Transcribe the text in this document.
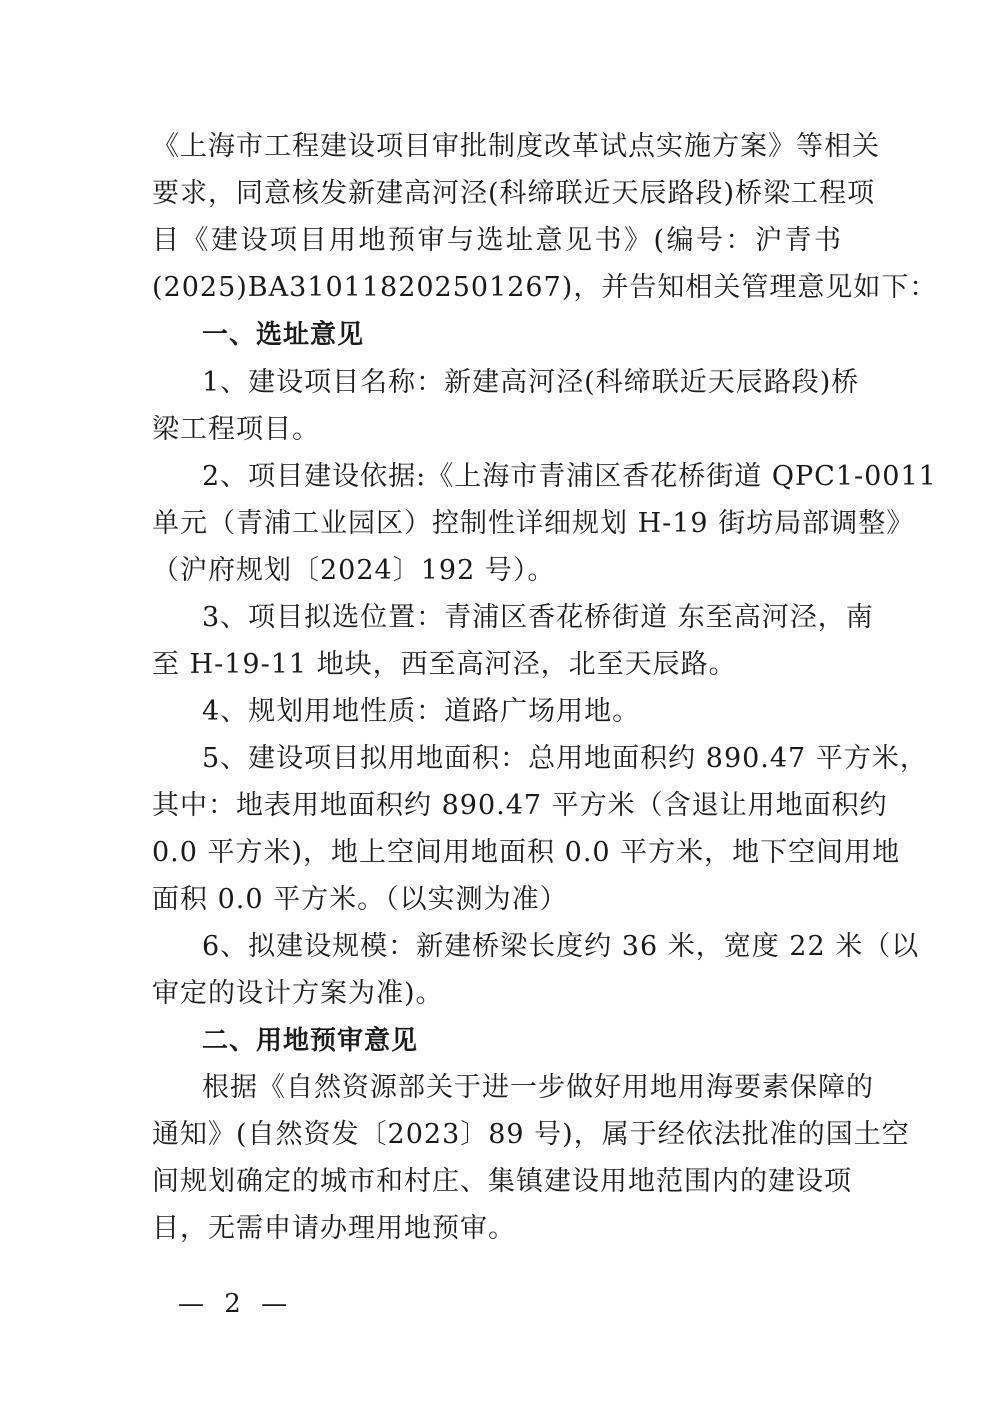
《上海市工程建设项目审批制度改革试点实施方案》等相关
要求，同意核发新建高河泾(科缔联近天辰路段)桥梁工程项
目《建设项目用地预审与选址意见书》(编号：沪青书
(2025)BA310118202501267)，并告知相关管理意见如下：
一、选址意见
1、建设项目名称：新建高河泾(科缔联近天辰路段)桥
梁工程项目。
2、项目建设依据:《上海市青浦区香花桥街道 QPC1-0011
单元（青浦工业园区）控制性详细规划 H-19 街坊局部调整》
（沪府规划〔2024〕192 号）。
3、项目拟选位置：青浦区香花桥街道 东至高河泾，南
至 H-19-11 地块，西至高河泾，北至天辰路。
4、规划用地性质：道路广场用地。
5、建设项目拟用地面积：总用地面积约 890.47 平方米，
其中：地表用地面积约 890.47 平方米（含退让用地面积约
0.0 平方米)，地上空间用地面积 0.0 平方米，地下空间用地
面积 0.0 平方米。（以实测为准）
6、拟建设规模：新建桥梁长度约 36 米，宽度 22 米（以
审定的设计方案为准)。
二、用地预审意见
根据《自然资源部关于进一步做好用地用海要素保障的
通知》(自然资发〔2023〕89 号)，属于经依法批准的国土空
间规划确定的城市和村庄、集镇建设用地范围内的建设项
目，无需申请办理用地预审。
— 2 —
